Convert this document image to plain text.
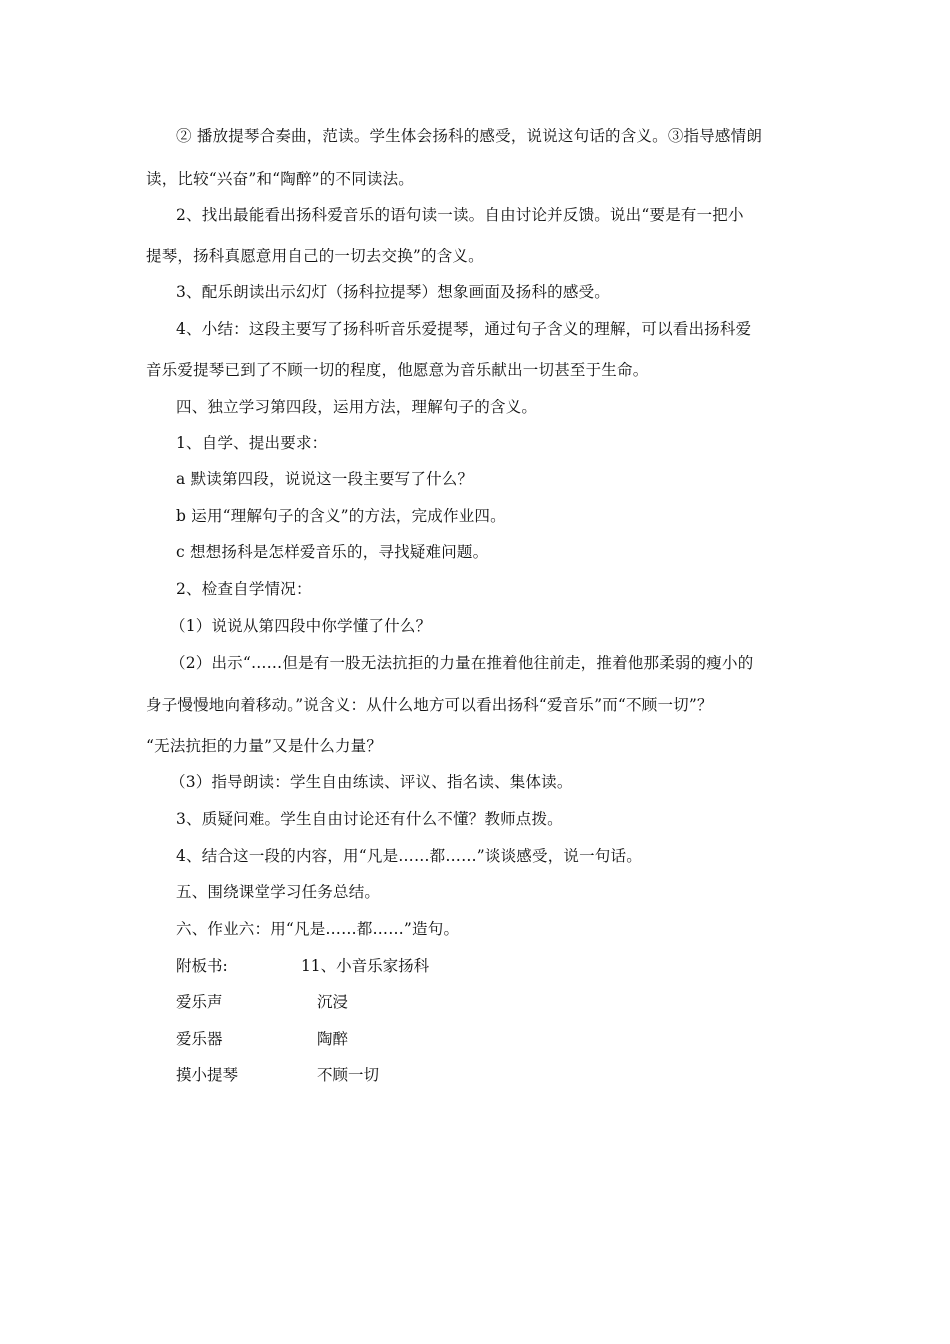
② 播放提琴合奏曲，范读。学生体会扬科的感受，说说这句话的含义。③指导感情朗
读，比较“兴奋”和“陶醉”的不同读法。
2、找出最能看出扬科爱音乐的语句读一读。自由讨论并反馈。说出“要是有一把小
提琴，扬科真愿意用自己的一切去交换”的含义。
3、配乐朗读出示幻灯（扬科拉提琴）想象画面及扬科的感受。
4、小结：这段主要写了扬科听音乐爱提琴，通过句子含义的理解，可以看出扬科爱
音乐爱提琴已到了不顾一切的程度，他愿意为音乐献出一切甚至于生命。
四、独立学习第四段，运用方法，理解句子的含义。
1、自学、提出要求：
a 默读第四段，说说这一段主要写了什么？
b 运用“理解句子的含义”的方法，完成作业四。
c 想想扬科是怎样爱音乐的，寻找疑难问题。
2、检查自学情况：
（1）说说从第四段中你学懂了什么？
（2）出示“……但是有一股无法抗拒的力量在推着他往前走，推着他那柔弱的瘦小的
身子慢慢地向着移动。”说含义：从什么地方可以看出扬科“爱音乐”而“不顾一切”？
“无法抗拒的力量”又是什么力量？
（3）指导朗读：学生自由练读、评议、指名读、集体读。
3、质疑问难。学生自由讨论还有什么不懂？教师点拨。
4、结合这一段的内容，用“凡是……都……”谈谈感受，说一句话。
五、围绕课堂学习任务总结。
六、作业六：用“凡是……都……”造句。
附板书:	11、小音乐家扬科
爱乐声	沉浸
爱乐器	陶醉
摸小提琴	不顾一切
